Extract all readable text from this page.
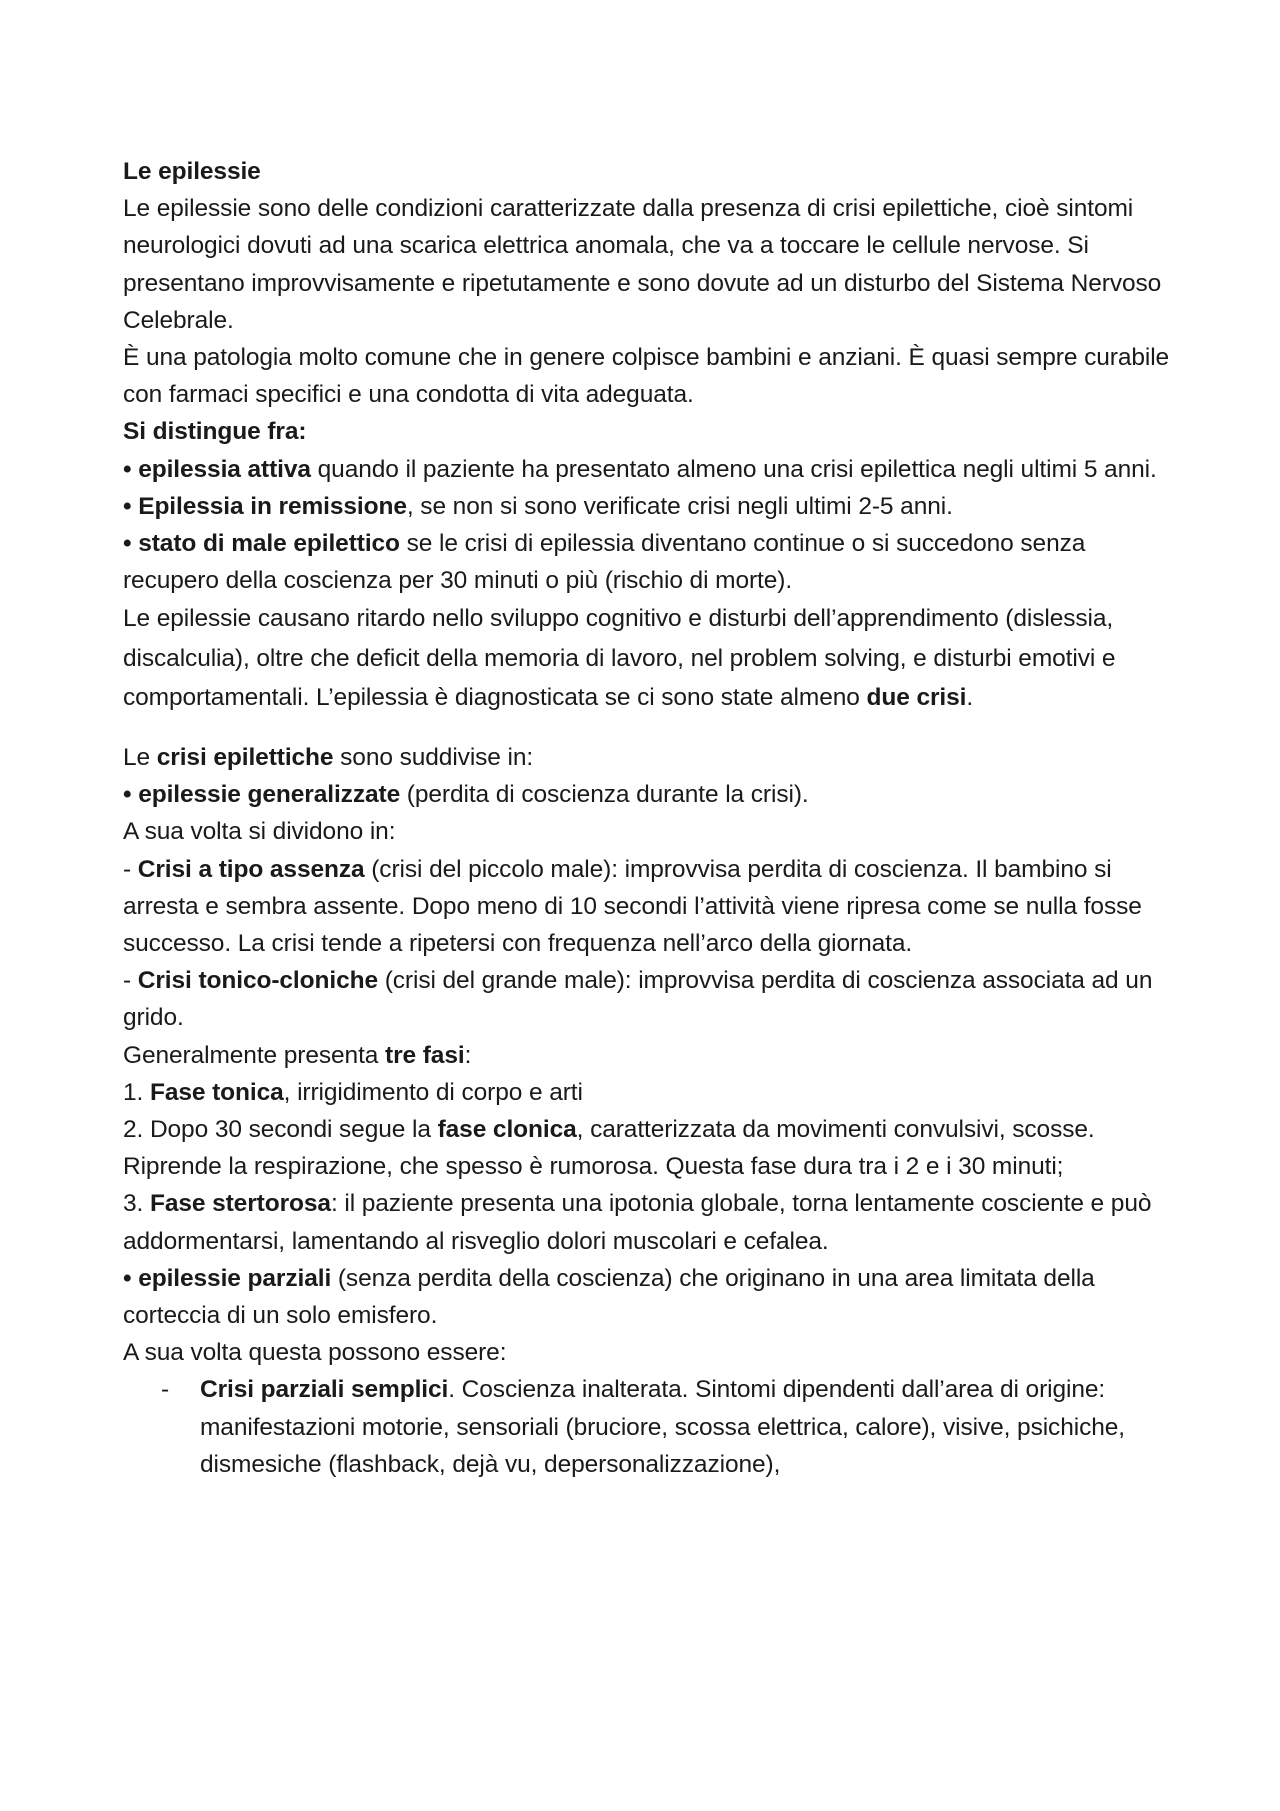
Le epilessie

Le epilessie sono delle condizioni caratterizzate dalla presenza di crisi epilettiche, cioè sintomi neurologici dovuti ad una scarica elettrica anomala, che va a toccare le cellule nervose. Si presentano improvvisamente e ripetutamente e sono dovute ad un disturbo del Sistema Nervoso Celebrale.

È una patologia molto comune che in genere colpisce bambini e anziani. È quasi sempre curabile con farmaci specifici e una condotta di vita adeguata.

Si distingue fra:

• epilessia attiva quando il paziente ha presentato almeno una crisi epilettica negli ultimi 5 anni.

• Epilessia in remissione, se non si sono verificate crisi negli ultimi 2-5 anni.

• stato di male epilettico se le crisi di epilessia diventano continue o si succedono senza recupero della coscienza per 30 minuti o più (rischio di morte).

Le epilessie causano ritardo nello sviluppo cognitivo e disturbi dell’apprendimento (dislessia, discalculia), oltre che deficit della memoria di lavoro, nel problem solving, e disturbi emotivi e comportamentali. L’epilessia è diagnosticata se ci sono state almeno due crisi.

Le crisi epilettiche sono suddivise in:

• epilessie generalizzate (perdita di coscienza durante la crisi).

A sua volta si dividono in:

- Crisi a tipo assenza (crisi del piccolo male): improvvisa perdita di coscienza. Il bambino si arresta e sembra assente. Dopo meno di 10 secondi l’attività viene ripresa come se nulla fosse successo. La crisi tende a ripetersi con frequenza nell’arco della giornata.

- Crisi tonico-cloniche (crisi del grande male): improvvisa perdita di coscienza associata ad un grido.

Generalmente presenta tre fasi:

1. Fase tonica, irrigidimento di corpo e arti

2. Dopo 30 secondi segue la fase clonica, caratterizzata da movimenti convulsivi, scosse. Riprende la respirazione, che spesso è rumorosa. Questa fase dura tra i 2 e i 30 minuti;

3. Fase stertorosa: il paziente presenta una ipotonia globale, torna lentamente cosciente e può addormentarsi, lamentando al risveglio dolori muscolari e cefalea.

• epilessie parziali (senza perdita della coscienza) che originano in una area limitata della corteccia di un solo emisfero.

A sua volta questa possono essere:

-	Crisi parziali semplici. Coscienza inalterata. Sintomi dipendenti dall’area di origine: manifestazioni motorie, sensoriali (bruciore, scossa elettrica, calore), visive, psichiche, dismesiche (flashback, dejà vu, depersonalizzazione),
